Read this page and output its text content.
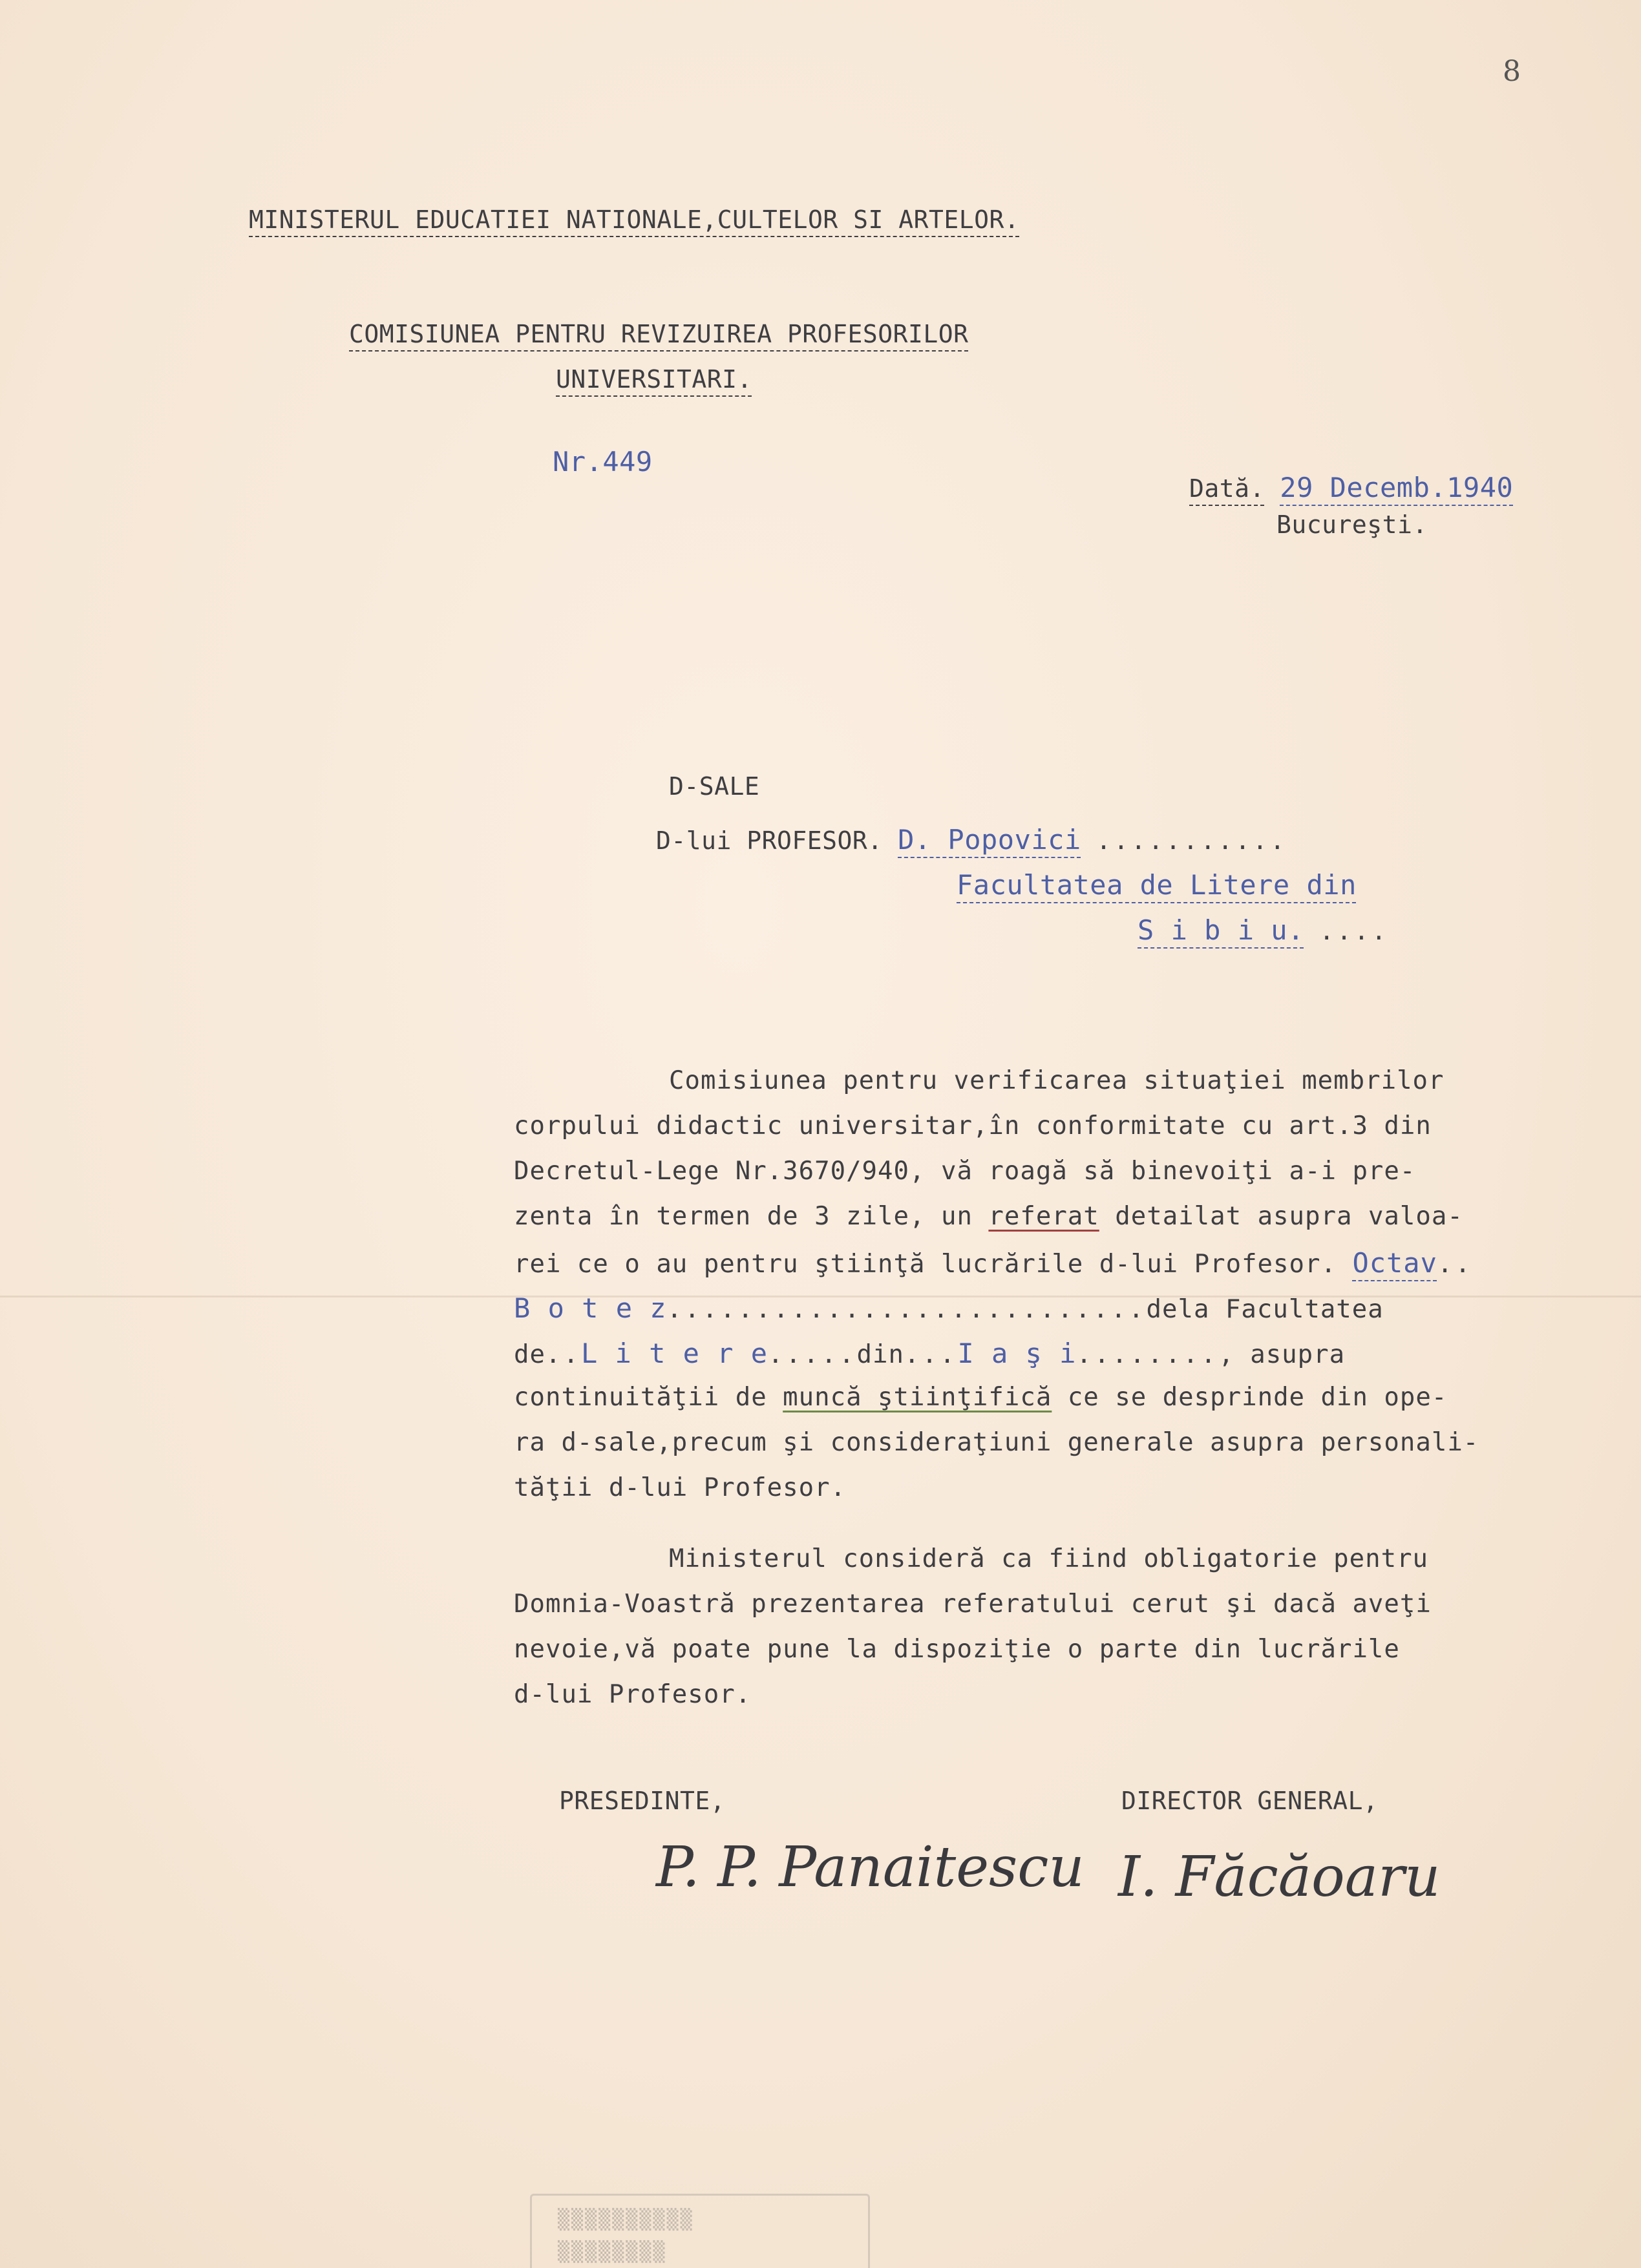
8
MINISTERUL EDUCATIEI NATIONALE,CULTELOR SI ARTELOR.
COMISIUNEA PENTRU REVIZUIREA PROFESORILOR
UNIVERSITARI.
Nr.449
Dată. 29 Decemb.1940
Bucureşti.
D-SALE
D-lui PROFESOR. D. Popovici ...........
Facultatea de Litere din
S i b i u. ....
Comisiunea pentru verificarea situaţiei membrilor
corpului didactic universitar,în conformitate cu art.3 din
Decretul-Lege Nr.3670/940, vă roagă să binevoiţi a-i pre-
zenta în termen de 3 zile, un referat detailat asupra valoa-
rei ce o au pentru ştiinţă lucrările d-lui Profesor. Octav..
B o t e z...........................dela Facultatea
de..L i t e r e.....din...I a ş i........, asupra
continuităţii de muncă ştiinţifică ce se desprinde din ope-
ra d-sale,precum şi consideraţiuni generale asupra personali-
tăţii d-lui Profesor.
Ministerul consideră ca fiind obligatorie pentru
Domnia-Voastră prezentarea referatului cerut şi dacă aveţi
nevoie,vă poate pune la dispoziţie o parte din lucrările
d-lui Profesor.
PRESEDINTE,	DIRECTOR GENERAL,
P. P. Panaitescu I. Făcăoaru
▒▒▒▒▒▒▒▒▒▒
▒▒▒▒▒▒▒▒
